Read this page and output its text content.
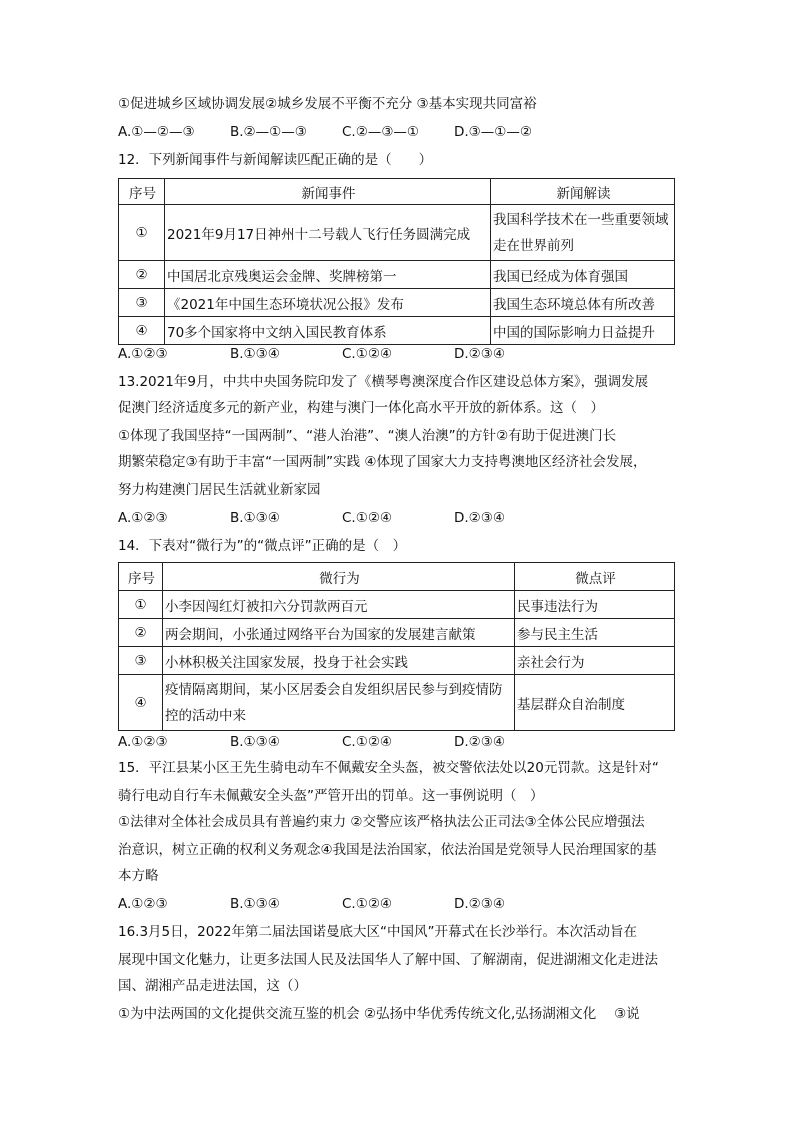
①促进城乡区域协调发展②城乡发展不平衡不充分 ③基本实现共同富裕
A.①—②—③	B.②—①—③	C.②—③—①	D.③—①—②
12．下列新闻事件与新闻解读匹配正确的是（　　）
序号	新闻事件	新闻解读
①	2021年9月17日神州十二号载人飞行任务圆满完成	我国科学技术在一些重要领域走在世界前列
②	中国居北京残奥运会金牌、奖牌榜第一	我国已经成为体育强国
③	《2021年中国生态环境状况公报》发布	我国生态环境总体有所改善
④	70多个国家将中文纳入国民教育体系	中国的国际影响力日益提升
A.①②③	B.①③④	C.①②④	D.②③④
13.2021年9月，中共中央国务院印发了《横琴粤澳深度合作区建设总体方案》，强调发展
促澳门经济适度多元的新产业，构建与澳门一体化高水平开放的新体系。这（　）
①体现了我国坚持“一国两制”、“港人治港”、“澳人治澳”的方针②有助于促进澳门长
期繁荣稳定③有助于丰富“一国两制”实践 ④体现了国家大力支持粤澳地区经济社会发展，
努力构建澳门居民生活就业新家园
A.①②③	B.①③④	C.①②④	D.②③④
14．下表对“微行为”的“微点评”正确的是（　）
序号	微行为	微点评
①	小李因闯红灯被扣六分罚款两百元	民事违法行为
②	两会期间，小张通过网络平台为国家的发展建言献策	参与民主生活
③	小林积极关注国家发展，投身于社会实践	亲社会行为
④	疫情隔离期间，某小区居委会自发组织居民参与到疫情防控的活动中来	基层群众自治制度
A.①②③	B.①③④	C.①②④	D.②③④
15．平江县某小区王先生骑电动车不佩戴安全头盔，被交警依法处以20元罚款。这是针对“
骑行电动自行车未佩戴安全头盔”严管开出的罚单。这一事例说明（　）
①法律对全体社会成员具有普遍约束力 ②交警应该严格执法公正司法③全体公民应增强法
治意识，树立正确的权利义务观念④我国是法治国家，依法治国是党领导人民治理国家的基
本方略
A.①②③	B.①③④	C.①②④	D.②③④
16.3月5日，2022年第二届法国诺曼底大区“中国风”开幕式在长沙举行。本次活动旨在
展现中国文化魅力，让更多法国人民及法国华人了解中国、了解湖南，促进湖湘文化走进法
国、湖湘产品走进法国，这（）
①为中法两国的文化提供交流互鉴的机会 ②弘扬中华优秀传统文化,弘扬湖湘文化　 ③说
